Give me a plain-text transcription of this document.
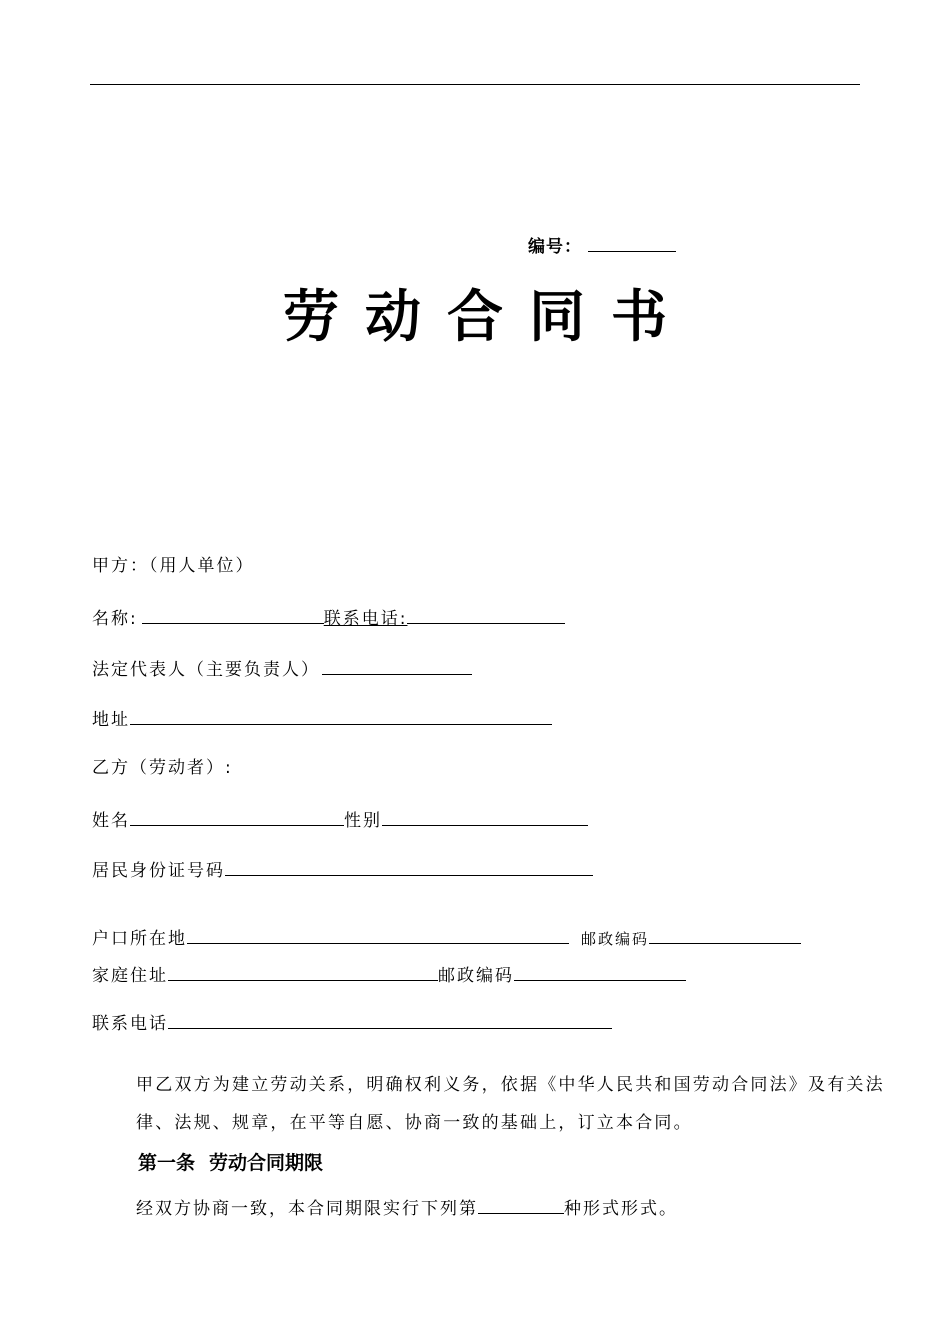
编号：
劳动合同书
甲方：（用人单位）
名称:	联系电话:
法定代表人（主要负责人）
地址
乙方（劳动者）:
姓名	性别
居民身份证号码
户口所在地	邮政编码
家庭住址	邮政编码
联系电话
甲乙双方为建立劳动关系，明确权利义务，依据《中华人民共和国劳动合同法》及有关法律、法规、规章，在平等自愿、协商一致的基础上，订立本合同。
第一条 劳动合同期限
经双方协商一致，本合同期限实行下列第	种形式形式。
